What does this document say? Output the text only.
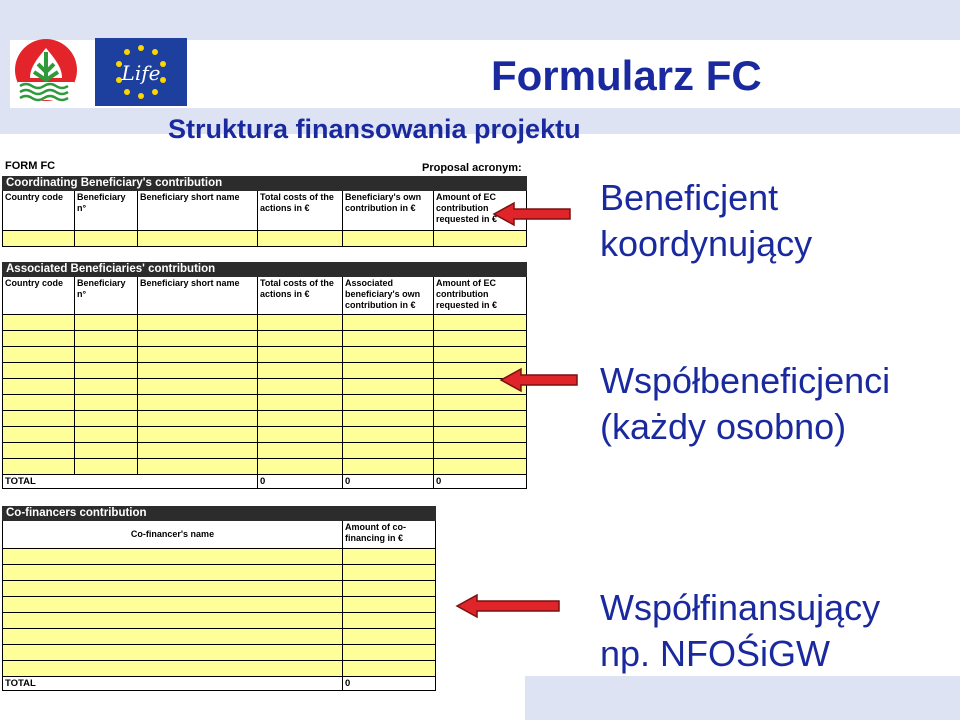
Life	Formularz FC
Struktura finansowania projektu
FORM FC	Proposal acronym:
Coordinating Beneficiary's contribution					
Country code	Beneficiary n°	Beneficiary short name	Total costs of the actions in €	Beneficiary's own contribution in €	Amount of EC contribution requested in €

Associated Beneficiaries' contribution					
Country code	Beneficiary n°	Beneficiary short name	Total costs of the actions in €	Associated beneficiary's own contribution in €	Amount of EC contribution requested in €

TOTAL			0	0	0
Co-financers contribution	
Co-financer's name	Amount of co-financing in €

TOTAL	0
Beneficjent
koordynujący
Współbeneficjenci
(każdy osobno)
Współfinansujący
np. NFOŚiGW
